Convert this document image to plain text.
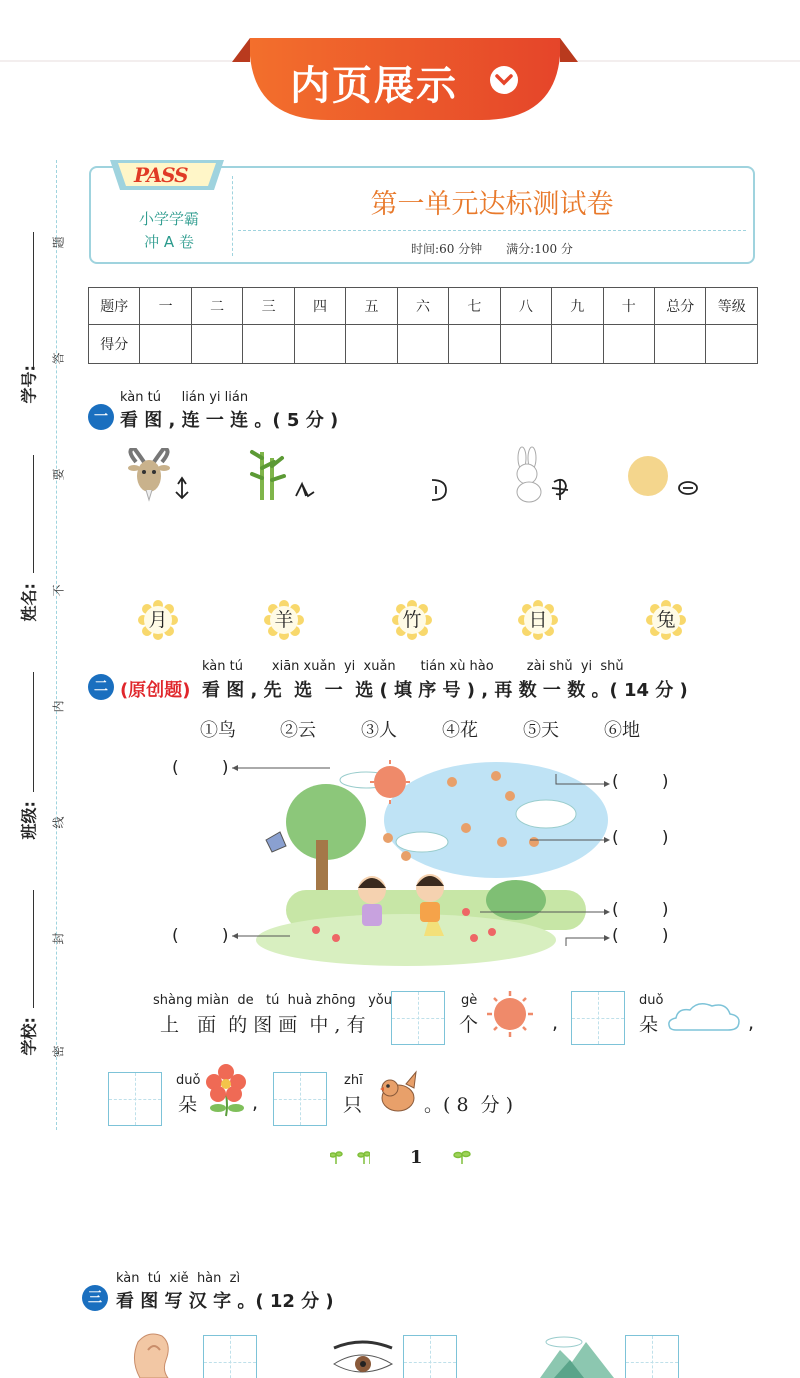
内页展示
学号:
姓名:
班级:
学校:
题
答
要
不
内
线
封
密
PASS
小学学霸
冲 A 卷
第一单元达标测试卷
时间:60 分钟　　满分:100 分
题序	一	二	三	四	五	六	七	八	九	十	总分	等级
得分												
kàn tú     lián yi lián
一 看 图 , 连 一 连 。( 5 分 )
月	羊	竹	日	兔
kàn tú       xiān xuǎn  yi  xuǎn      tián xù hào        zài shǔ  yi  shǔ
二 (原创题) 看 图 , 先  选  一  选 ( 填 序 号 ) , 再 数 一 数 。( 14 分 )
①鸟 ②云	③人	④花	⑤天	⑥地
(        )
(        )
(        )
(        )
(        )
(        )
shàng miàn  de   tú  huà zhōng   yǒu
上   面  的 图 画  中 , 有
gè
个	,
duǒ
朵	,
duǒ
朵	,
zhī
只	。( 8  分 )
1
kàn  tú  xiě  hàn  zì
三 看 图 写 汉 字 。( 12 分 )
